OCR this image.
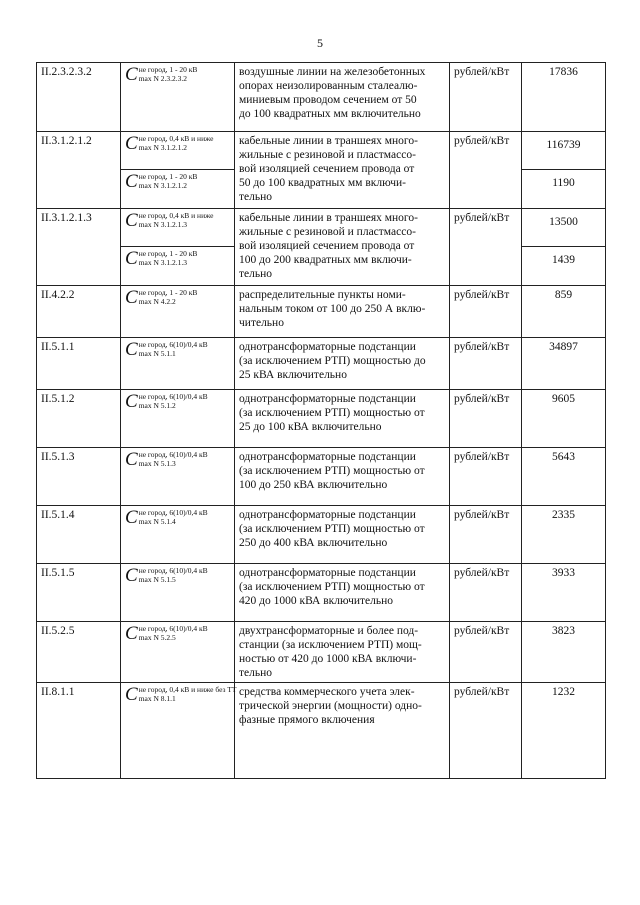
5
II.2.3.2.3.2	C не город, 1 - 20 кВ
max N 2.3.2.3.2	воздушные линии на железобетонных
опорах неизолированным сталеалю-
миниевым проводом сечением от 50
до 100 квадратных мм включительно	рублей/кВт	17836
II.3.1.2.1.2	C не город, 0,4 кВ и ниже
max N 3.1.2.1.2	кабельные линии в траншеях много-
жильные с резиновой и пластмассо-
вой изоляцией сечением провода от
50 до 100 квадратных мм включи-
тельно	рублей/кВт	116739

	C не город, 1 - 20 кВ
max N 3.1.2.1.2			1190
II.3.1.2.1.3	C не город, 0,4 кВ и ниже
max N 3.1.2.1.3	кабельные линии в траншеях много-
жильные с резиновой и пластмассо-
вой изоляцией сечением провода от
100 до 200 квадратных мм включи-
тельно	рублей/кВт	13500

	C не город, 1 - 20 кВ
max N 3.1.2.1.3			1439
II.4.2.2	C не город, 1 - 20 кВ
max N 4.2.2	распределительные пункты номи-
нальным током от 100 до 250 А вклю-
чительно	рублей/кВт	859
II.5.1.1	C не город, 6(10)/0,4 кВ
max N 5.1.1	однотрансформаторные подстанции
(за исключением РТП) мощностью до
25 кВА включительно	рублей/кВт	34897
II.5.1.2	C не город, 6(10)/0,4 кВ
max N 5.1.2	однотрансформаторные подстанции
(за исключением РТП) мощностью от
25 до 100 кВА включительно	рублей/кВт	9605
II.5.1.3	C не город, 6(10)/0,4 кВ
max N 5.1.3	однотрансформаторные подстанции
(за исключением РТП) мощностью от
100 до 250 кВА включительно	рублей/кВт	5643
II.5.1.4	C не город, 6(10)/0,4 кВ
max N 5.1.4	однотрансформаторные подстанции
(за исключением РТП) мощностью от
250 до 400 кВА включительно	рублей/кВт	2335
II.5.1.5	C не город, 6(10)/0,4 кВ
max N 5.1.5	однотрансформаторные подстанции
(за исключением РТП) мощностью от
420 до 1000 кВА включительно	рублей/кВт	3933
II.5.2.5	C не город, 6(10)/0,4 кВ
max N 5.2.5	двухтрансформаторные и более под-
станции (за исключением РТП) мощ-
ностью от 420 до 1000 кВА включи-
тельно	рублей/кВт	3823
II.8.1.1	C не город, 0,4 кВ и ниже без ТТ
max N 8.1.1	средства коммерческого учета элек-
трической энергии (мощности) одно-
фазные прямого включения	рублей/кВт	1232
